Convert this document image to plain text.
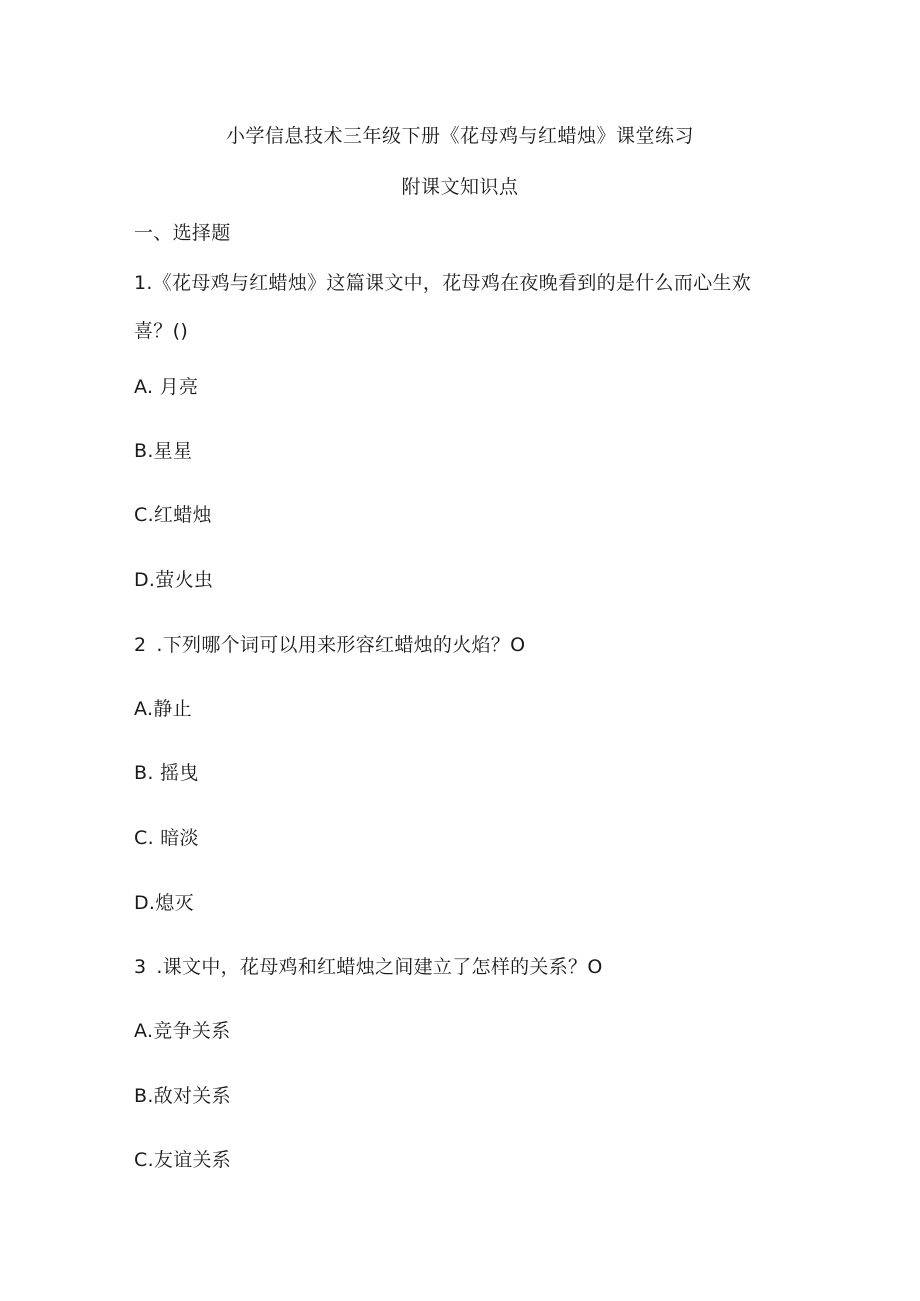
小学信息技术三年级下册《花母鸡与红蜡烛》课堂练习
附课文知识点
一、选择题
1.《花母鸡与红蜡烛》这篇课文中，花母鸡在夜晚看到的是什么而心生欢
喜？()
A. 月亮
B.星星
C.红蜡烛
D.萤火虫
2 .下列哪个词可以用来形容红蜡烛的火焰？O
A.静止
B. 摇曳
C. 暗淡
D.熄灭
3 .课文中，花母鸡和红蜡烛之间建立了怎样的关系？O
A.竞争关系
B.敌对关系
C.友谊关系
